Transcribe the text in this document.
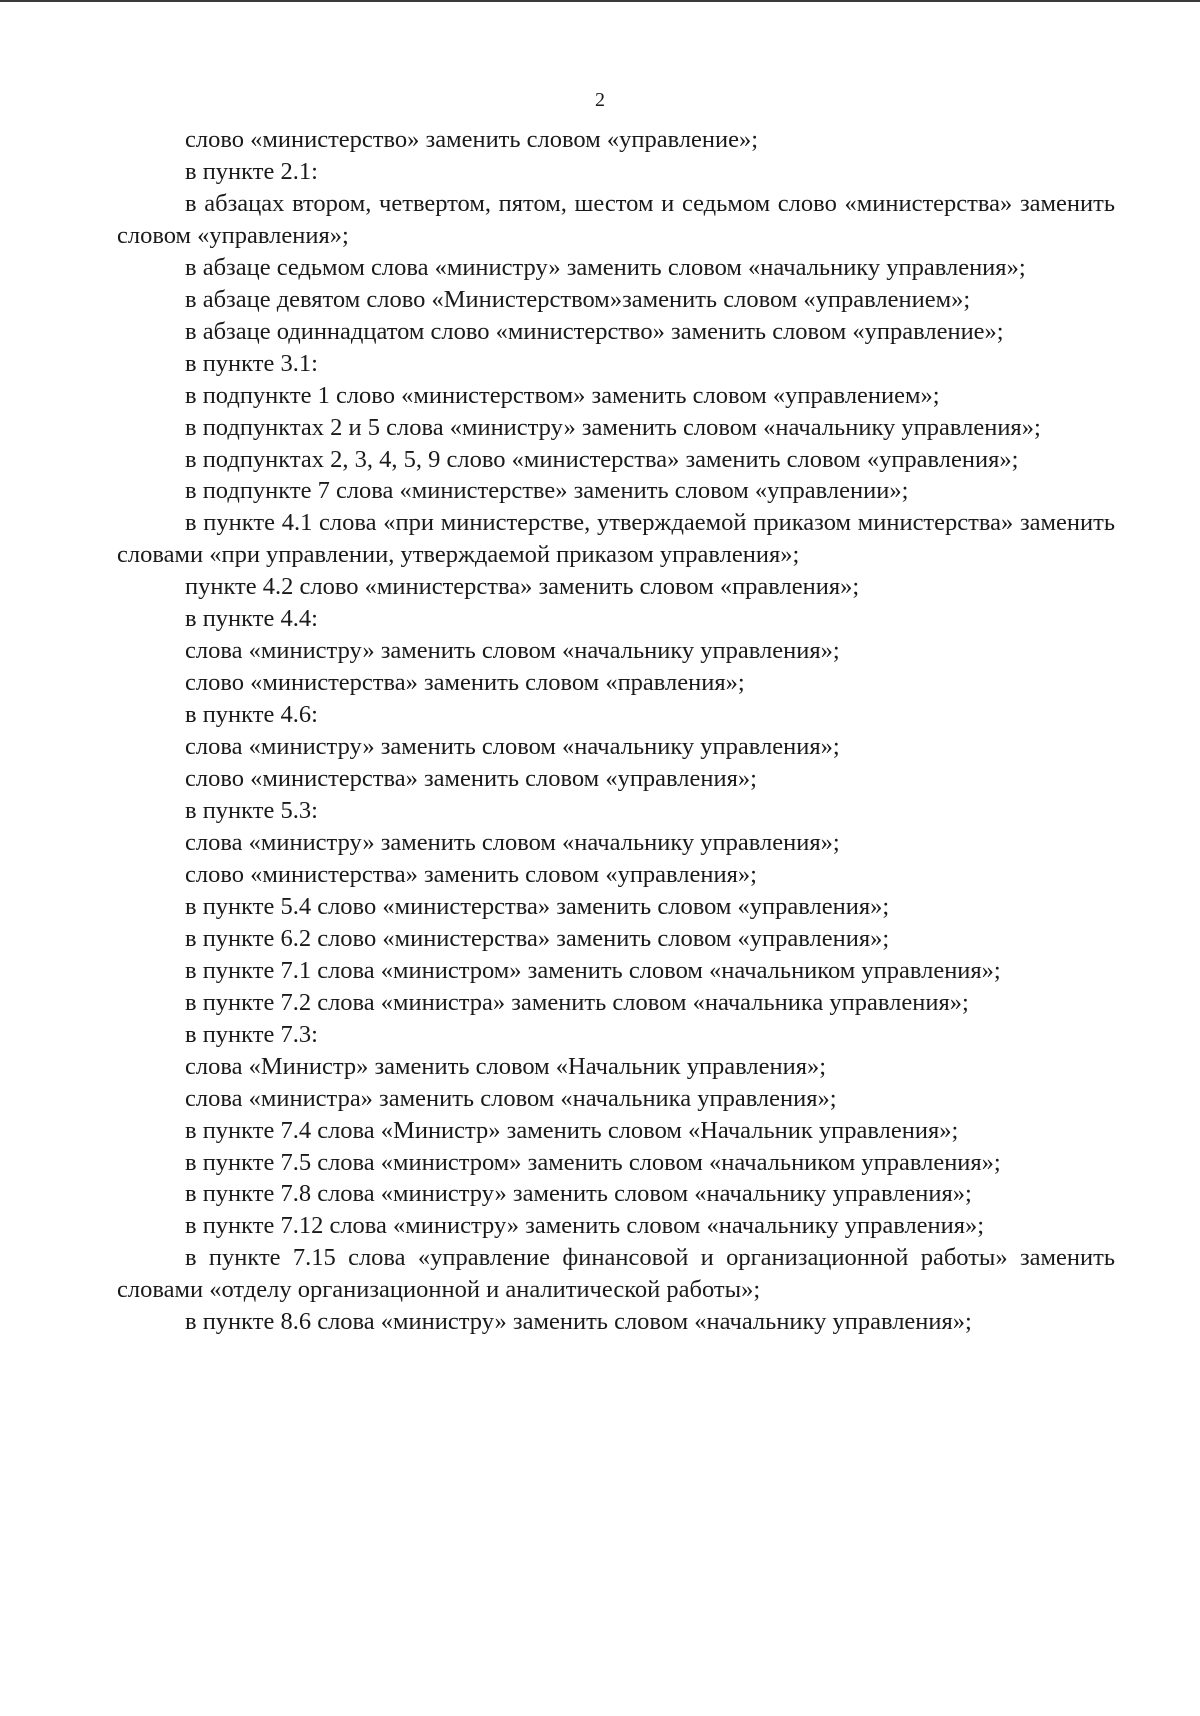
2

слово «министерство» заменить словом «управление»;

в пункте 2.1:

в абзацах втором, четвертом, пятом, шестом и седьмом слово «министерства» заменить словом «управления»;

в абзаце седьмом слова «министру» заменить словом «начальнику управления»;

в абзаце девятом слово «Министерством»заменить словом «управлением»;

в абзаце одиннадцатом слово «министерство» заменить словом «управление»;

в пункте 3.1:

в подпункте 1 слово «министерством» заменить словом «управлением»;

в подпунктах 2 и 5 слова «министру» заменить словом «начальнику управления»;

в подпунктах 2, 3, 4, 5, 9 слово «министерства» заменить словом «управления»;

в подпункте 7 слова «министерстве» заменить словом «управлении»;

в пункте 4.1 слова «при министерстве, утверждаемой приказом министерства» заменить словами «при управлении, утверждаемой приказом управления»;

пункте 4.2 слово «министерства» заменить словом «правления»;

в пункте 4.4:

слова «министру» заменить словом «начальнику управления»;

слово «министерства» заменить словом «правления»;

в пункте 4.6:

слова «министру» заменить словом «начальнику управления»;

слово «министерства» заменить словом «управления»;

в пункте 5.3:

слова «министру» заменить словом «начальнику управления»;

слово «министерства» заменить словом «управления»;

в пункте 5.4 слово «министерства» заменить словом «управления»;

в пункте 6.2 слово «министерства» заменить словом «управления»;

в пункте 7.1 слова «министром» заменить словом «начальником управления»;

в пункте 7.2 слова «министра» заменить словом «начальника управления»;

в пункте 7.3:

слова «Министр» заменить словом «Начальник управления»;

слова «министра» заменить словом «начальника управления»;

в пункте 7.4 слова «Министр» заменить словом «Начальник управления»;

в пункте 7.5 слова «министром» заменить словом «начальником управления»;

в пункте 7.8 слова «министру» заменить словом «начальнику управления»;

в пункте 7.12 слова «министру» заменить словом «начальнику управления»;

в пункте 7.15 слова «управление финансовой и организационной работы» заменить словами «отделу организационной и аналитической работы»;

в пункте 8.6 слова «министру» заменить словом «начальнику управления»;
